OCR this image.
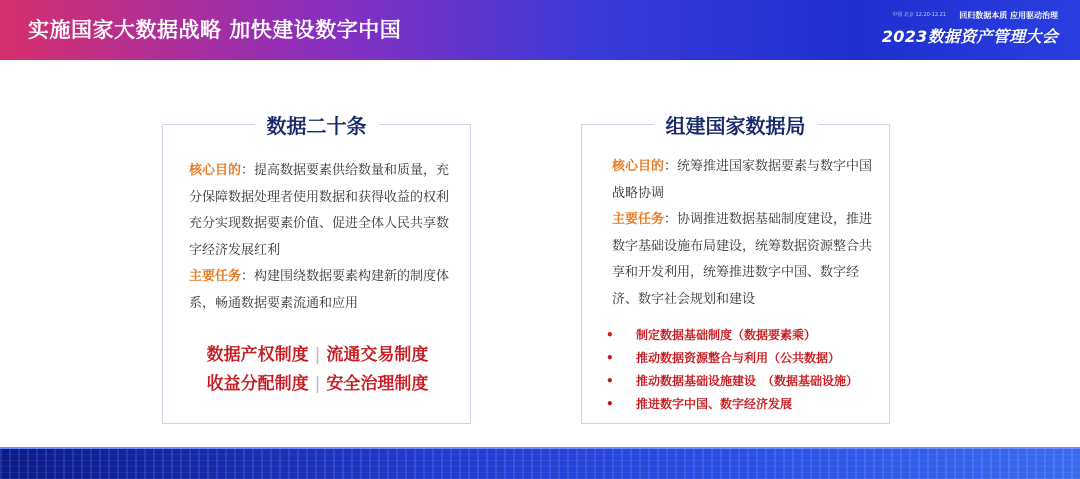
实施国家大数据战略 加快建设数字中国
中国 北京 12.20-12.21 回归数据本质 应用驱动治理
2023数据资产管理大会
数据二十条
核心目的：提高数据要素供给数量和质量，充分保障数据处理者使用数据和获得收益的权利充分实现数据要素价值、促进全体人民共享数字经济发展红利
主要任务：构建围绕数据要素构建新的制度体系，畅通数据要素流通和应用
数据产权制度 | 流通交易制度
收益分配制度 | 安全治理制度
组建国家数据局
核心目的：统筹推进国家数据要素与数字中国战略协调
主要任务：协调推进数据基础制度建设，推进数字基础设施布局建设，统筹数据资源整合共享和开发利用，统筹推进数字中国、数字经济、数字社会规划和建设
• 制定数据基础制度（数据要素乘）
• 推动数据资源整合与利用（公共数据）
• 推动数据基础设施建设　（数据基础设施）
• 推进数字中国、数字经济发展
